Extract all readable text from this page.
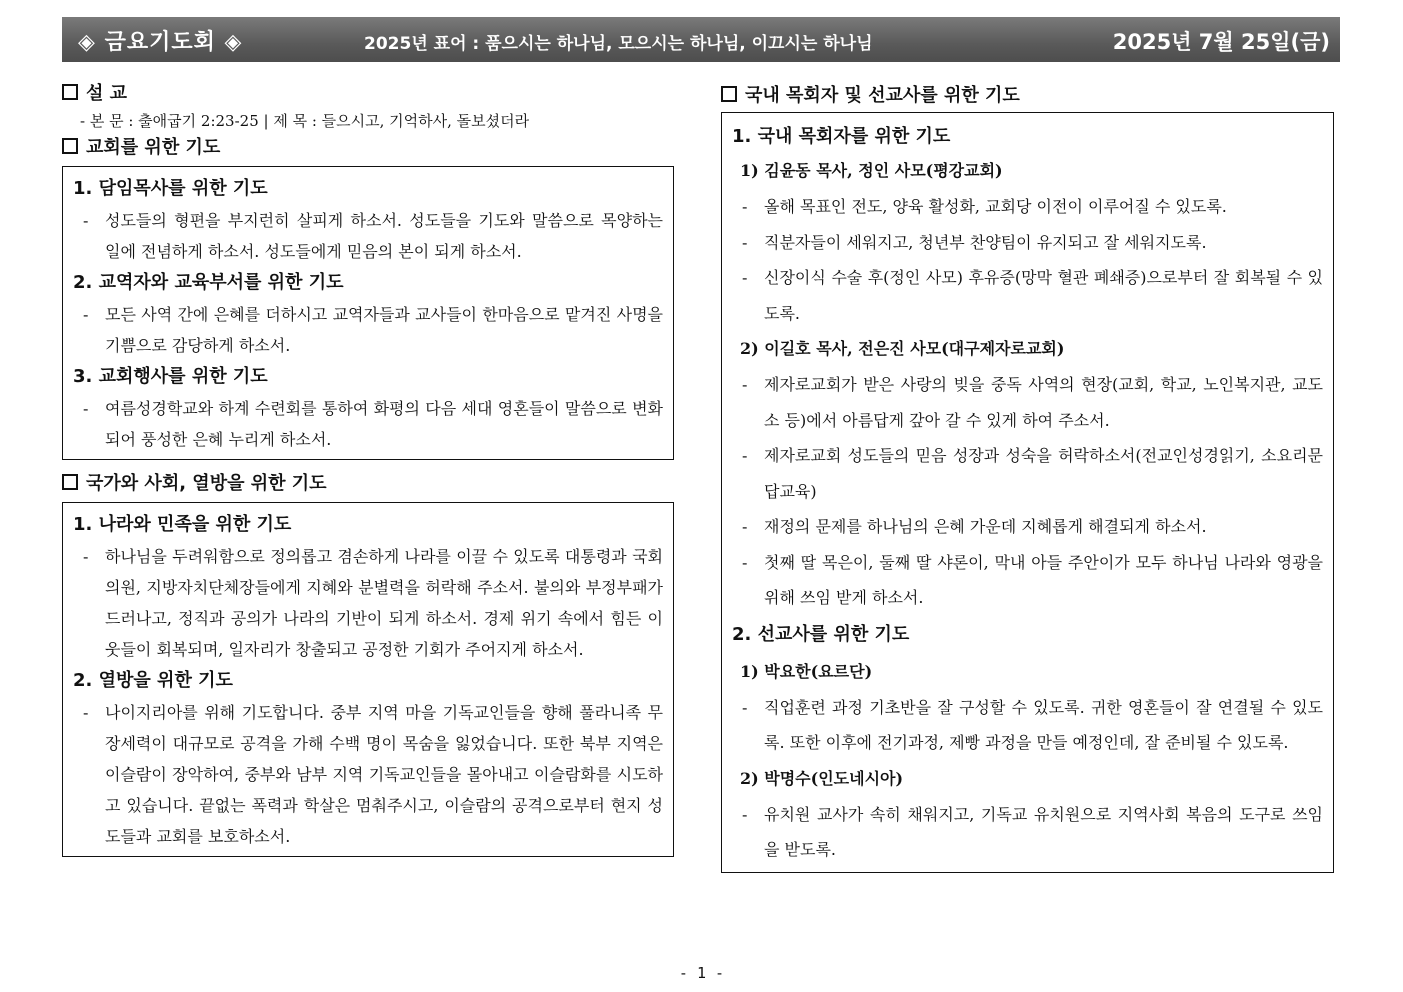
◈ 금요기도회 ◈	2025년 표어 : 품으시는 하나님, 모으시는 하나님, 이끄시는 하나님	2025년 7월 25일(금)
설 교
- 본 문 : 출애굽기 2:23-25 | 제 목 : 들으시고, 기억하사, 돌보셨더라
교회를 위한 기도
1. 담임목사를 위한 기도
- 성도들의 형편을 부지런히 살피게 하소서. 성도들을 기도와 말씀으로 목양하는 일에 전념하게 하소서. 성도들에게 믿음의 본이 되게 하소서.
2. 교역자와 교육부서를 위한 기도
- 모든 사역 간에 은혜를 더하시고 교역자들과 교사들이 한마음으로 맡겨진 사명을 기쁨으로 감당하게 하소서.
3. 교회행사를 위한 기도
- 여름성경학교와 하계 수련회를 통하여 화평의 다음 세대 영혼들이 말씀으로 변화되어 풍성한 은혜 누리게 하소서.
국가와 사회, 열방을 위한 기도
1. 나라와 민족을 위한 기도
- 하나님을 두려워함으로 정의롭고 겸손하게 나라를 이끌 수 있도록 대통령과 국회의원, 지방자치단체장들에게 지혜와 분별력을 허락해 주소서. 불의와 부정부패가 드러나고, 정직과 공의가 나라의 기반이 되게 하소서. 경제 위기 속에서 힘든 이웃들이 회복되며, 일자리가 창출되고 공정한 기회가 주어지게 하소서.
2. 열방을 위한 기도
- 나이지리아를 위해 기도합니다. 중부 지역 마을 기독교인들을 향해 풀라니족 무장세력이 대규모로 공격을 가해 수백 명이 목숨을 잃었습니다. 또한 북부 지역은 이슬람이 장악하여, 중부와 남부 지역 기독교인들을 몰아내고 이슬람화를 시도하고 있습니다. 끝없는 폭력과 학살은 멈춰주시고, 이슬람의 공격으로부터 현지 성도들과 교회를 보호하소서.
국내 목회자 및 선교사를 위한 기도
1. 국내 목회자를 위한 기도
1) 김윤동 목사, 정인 사모(평강교회)
- 올해 목표인 전도, 양육 활성화, 교회당 이전이 이루어질 수 있도록.
- 직분자들이 세워지고, 청년부 찬양팀이 유지되고 잘 세워지도록.
- 신장이식 수술 후(정인 사모) 후유증(망막 혈관 폐쇄증)으로부터 잘 회복될 수 있도록.
2) 이길호 목사, 전은진 사모(대구제자로교회)
- 제자로교회가 받은 사랑의 빚을 중독 사역의 현장(교회, 학교, 노인복지관, 교도소 등)에서 아름답게 갚아 갈 수 있게 하여 주소서.
- 제자로교회 성도들의 믿음 성장과 성숙을 허락하소서(전교인성경읽기, 소요리문답교육)
- 재정의 문제를 하나님의 은혜 가운데 지혜롭게 해결되게 하소서.
- 첫째 딸 목은이, 둘째 딸 샤론이, 막내 아들 주안이가 모두 하나님 나라와 영광을 위해 쓰임 받게 하소서.
2. 선교사를 위한 기도
1) 박요한(요르단)
- 직업훈련 과정 기초반을 잘 구성할 수 있도록. 귀한 영혼들이 잘 연결될 수 있도록. 또한 이후에 전기과정, 제빵 과정을 만들 예정인데, 잘 준비될 수 있도록.
2) 박명수(인도네시아)
- 유치원 교사가 속히 채워지고, 기독교 유치원으로 지역사회 복음의 도구로 쓰임을 받도록.
- 1 -
